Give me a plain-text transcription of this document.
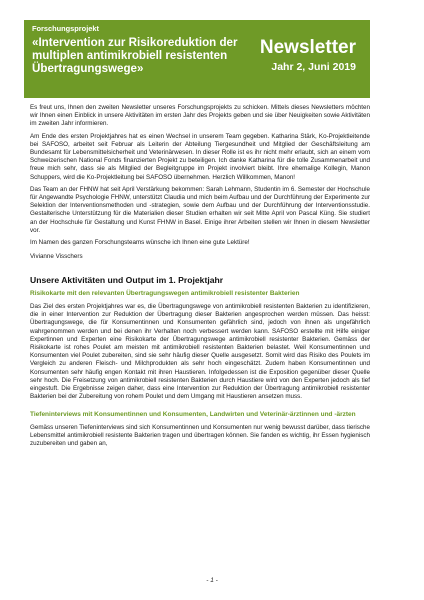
Forschungsprojekt
«Intervention zur Risikoreduktion der multiplen antimikrobiell resistenten Übertragungswege»
Newsletter
Jahr 2, Juni 2019

Es freut uns, Ihnen den zweiten Newsletter unseres Forschungsprojekts zu schicken. Mittels dieses Newsletters möchten wir Ihnen einen Einblick in unsere Aktivitäten im ersten Jahr des Projekts geben und sie über Neuigkeiten sowie Aktivitäten im zweiten Jahr informieren.

Am Ende des ersten Projektjahres hat es einen Wechsel in unserem Team gegeben. Katharina Stärk, Ko-Projektleitende bei SAFOSO, arbeitet seit Februar als Leiterin der Abteilung Tiergesundheit und Mitglied der Geschäftsleitung am Bundesamt für Lebensmittelsicherheit und Veterinärwesen. In dieser Rolle ist es ihr nicht mehr erlaubt, sich an einem vom Schweizerischen National Fonds finanzierten Projekt zu beteiligen. Ich danke Katharina für die tolle Zusammenarbeit und freue mich sehr, dass sie als Mitglied der Begleitgruppe im Projekt involviert bleibt. Ihre ehemalige Kollegin, Manon Schuppers, wird die Ko-Projektleitung bei SAFOSO übernehmen. Herzlich Willkommen, Manon!

Das Team an der FHNW hat seit April Verstärkung bekommen: Sarah Lehmann, Studentin im 6. Semester der Hochschule für Angewandte Psychologie FHNW, unterstützt Claudia und mich beim Aufbau und der Durchführung der Experimente zur Selektion der Interventionsmethoden und -strategien, sowie dem Aufbau und der Durchführung der Interventionsstudie. Gestalterische Unterstützung für die Materialien dieser Studien erhalten wir seit Mitte April von Pascal Küng. Sie studiert an der Hochschule für Gestaltung und Kunst FHNW in Basel. Einige ihrer Arbeiten stellen wir Ihnen in diesem Newsletter vor.

Im Namen des ganzen Forschungsteams wünsche ich Ihnen eine gute Lektüre!

Vivianne Visschers

Unsere Aktivitäten und Output im 1. Projektjahr
Risikokarte mit den relevanten Übertragungswegen antimikrobiell resistenter Bakterien

Das Ziel des ersten Projektjahres war es, die Übertragungswege von antimikrobiell resistenten Bakterien zu identifizieren, die in einer Intervention zur Reduktion der Übertragung dieser Bakterien angesprochen werden müssen. Das heisst: Übertragungswege, die für Konsumentinnen und Konsumenten gefährlich sind, jedoch von ihnen als ungefährlich wahrgenommen werden und bei denen ihr Verhalten noch verbessert werden kann. SAFOSO erstellte mit Hilfe einiger Expertinnen und Experten eine Risikokarte der Übertragungswege antimikrobiell resistenter Bakterien. Gemäss der Risikokarte ist rohes Poulet am meisten mit antimikrobiell resistenten Bakterien belastet. Weil Konsumentinnen und Konsumenten viel Poulet zubereiten, sind sie sehr häufig dieser Quelle ausgesetzt. Somit wird das Risiko des Poulets im Vergleich zu anderen Fleisch- und Milchprodukten als sehr hoch eingeschätzt. Zudem haben Konsumentinnen und Konsumenten sehr häufig engen Kontakt mit ihren Haustieren. Infolgedessen ist die Exposition gegenüber dieser Quelle sehr hoch. Die Freisetzung von antimikrobiell resistenten Bakterien durch Haustiere wird von den Experten jedoch als tief eingestuft. Die Ergebnisse zeigen daher, dass eine Intervention zur Reduktion der Übertragung antimikrobiell resistenter Bakterien bei der Zubereitung von rohem Poulet und dem Umgang mit Haustieren ansetzen muss.

Tiefeninterviews mit Konsumentinnen und Konsumenten, Landwirten und Veterinär-ärztinnen und -ärzten

Gemäss unseren Tiefeninterviews sind sich Konsumentinnen und Konsumenten nur wenig bewusst darüber, dass tierische Lebensmittel antimikrobiell resistente Bakterien tragen und übertragen können. Sie fanden es wichtig, ihr Essen hygienisch zuzubereiten und gaben an,

- 1 -
